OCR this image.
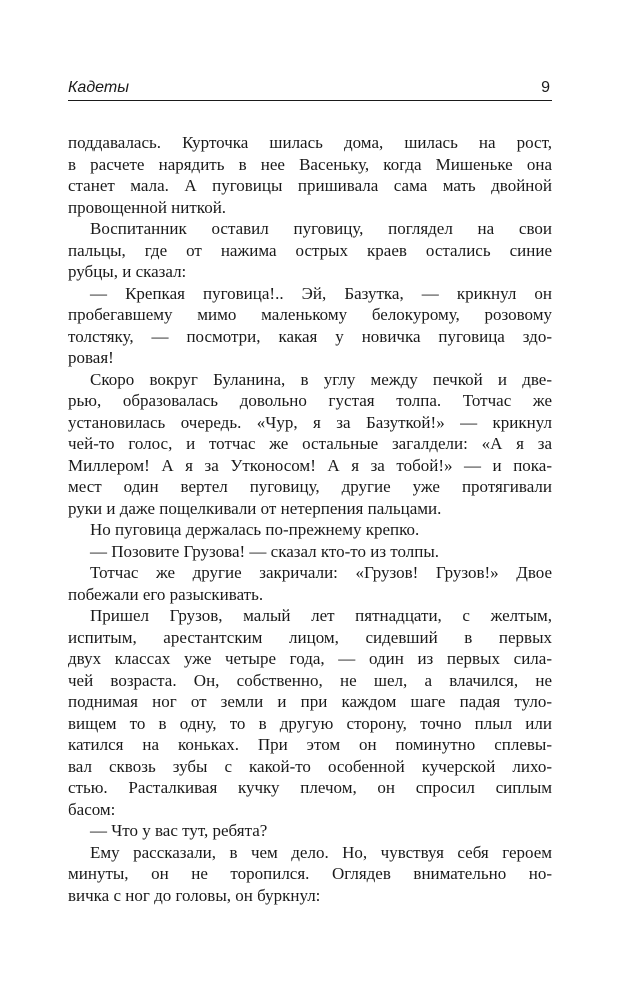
Кадеты	9
поддавалась. Курточка шилась дома, шилась на рост,
в расчете нарядить в нее Васеньку, когда Мишеньке она
станет мала. А пуговицы пришивала сама мать двойной
провощенной ниткой.
Воспитанник оставил пуговицу, поглядел на свои
пальцы, где от нажима острых краев остались синие
рубцы, и сказал:
— Крепкая пуговица!.. Эй, Базутка, — крикнул он
пробегавшему мимо маленькому белокурому, розовому
толстяку, — посмотри, какая у новичка пуговица здо-
ровая!
Скоро вокруг Буланина, в углу между печкой и две-
рью, образовалась довольно густая толпа. Тотчас же
установилась очередь. «Чур, я за Базуткой!» — крикнул
чей-то голос, и тотчас же остальные загалдели: «А я за
Миллером! А я за Утконосом! А я за тобой!» — и пока-
мест один вертел пуговицу, другие уже протягивали
руки и даже пощелкивали от нетерпения пальцами.
Но пуговица держалась по-прежнему крепко.
— Позовите Грузова! — сказал кто-то из толпы.
Тотчас же другие закричали: «Грузов! Грузов!» Двое
побежали его разыскивать.
Пришел Грузов, малый лет пятнадцати, с желтым,
испитым, арестантским лицом, сидевший в первых
двух классах уже четыре года, — один из первых сила-
чей возраста. Он, собственно, не шел, а влачился, не
поднимая ног от земли и при каждом шаге падая туло-
вищем то в одну, то в другую сторону, точно плыл или
катился на коньках. При этом он поминутно сплевы-
вал сквозь зубы с какой-то особенной кучерской лихо-
стью. Расталкивая кучку плечом, он спросил сиплым
басом:
— Что у вас тут, ребята?
Ему рассказали, в чем дело. Но, чувствуя себя героем
минуты, он не торопился. Оглядев внимательно но-
вичка с ног до головы, он буркнул:
